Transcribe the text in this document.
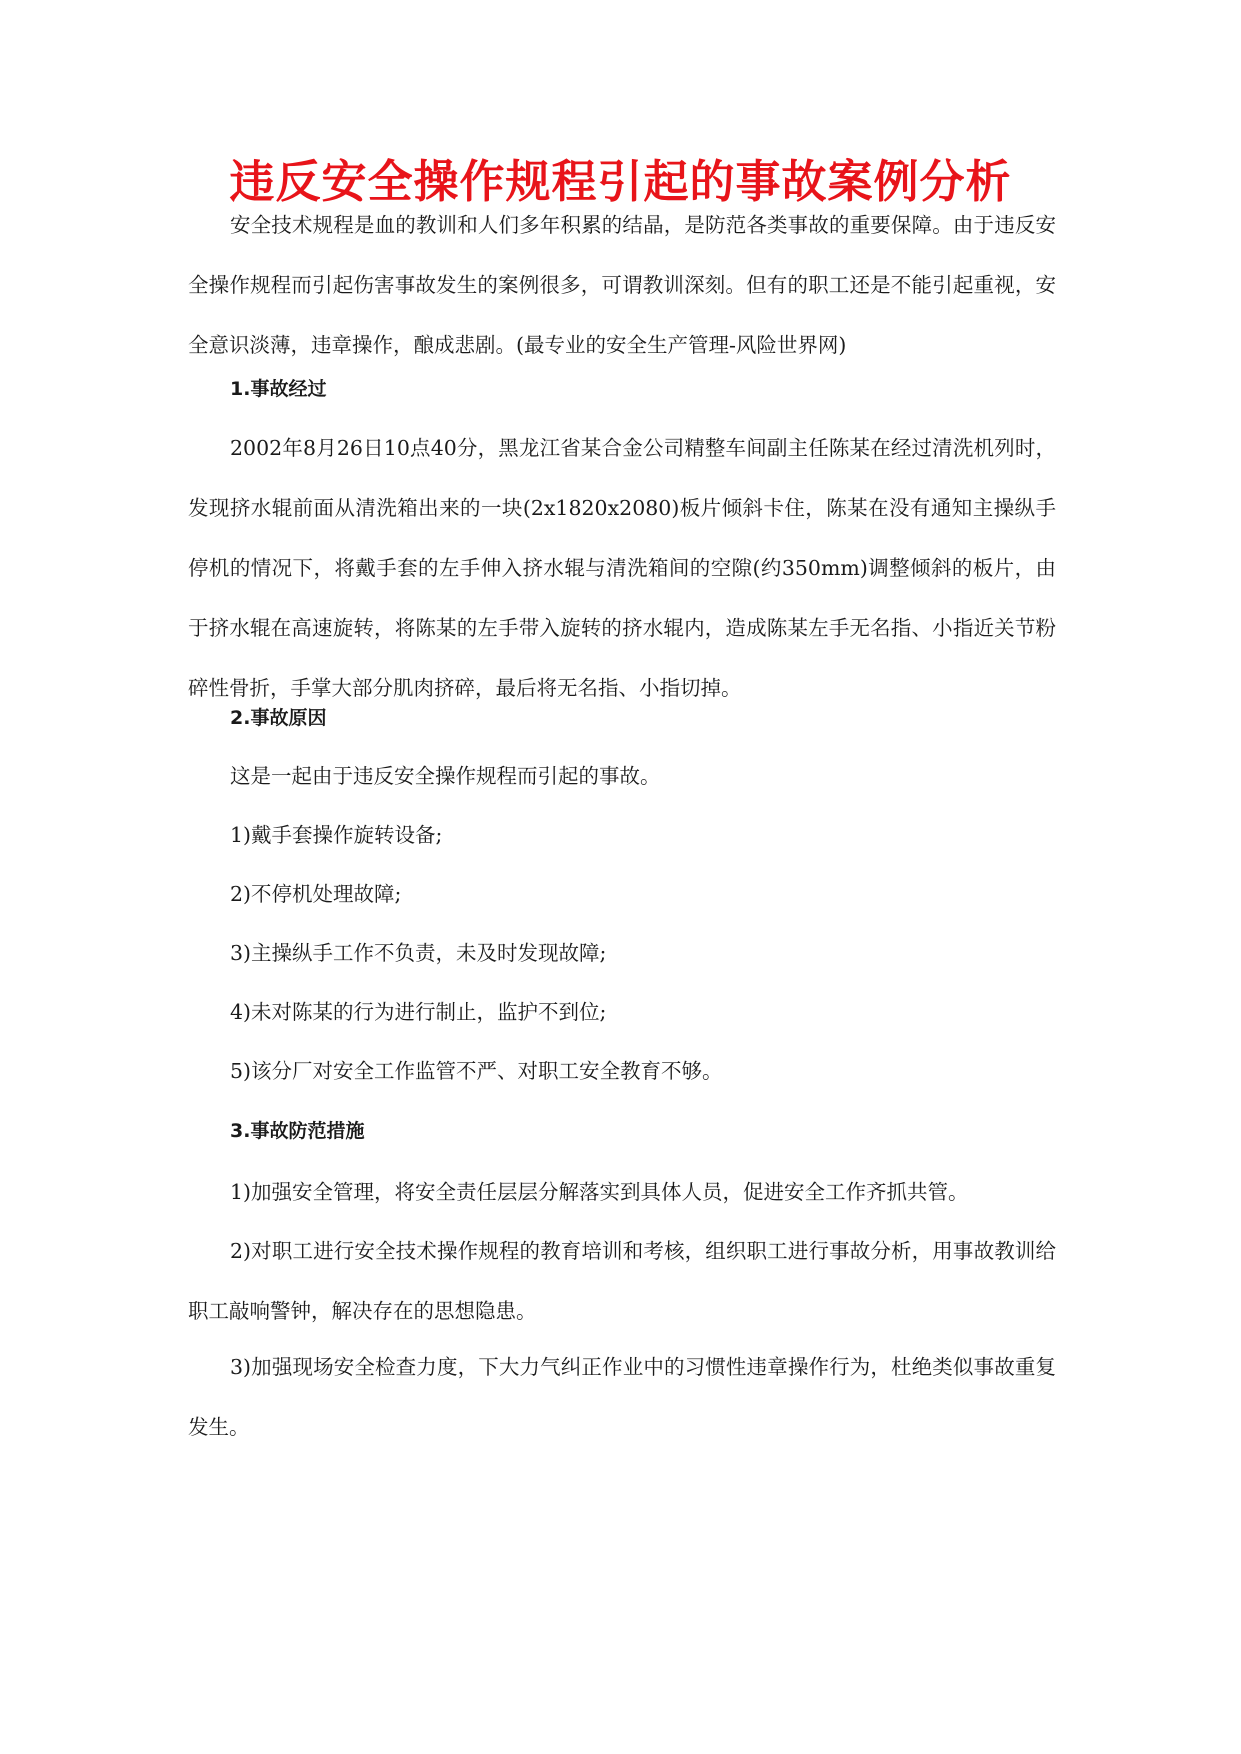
违反安全操作规程引起的事故案例分析

安全技术规程是血的教训和人们多年积累的结晶，是防范各类事故的重要保障。由于违反安全操作规程而引起伤害事故发生的案例很多，可谓教训深刻。但有的职工还是不能引起重视，安全意识淡薄，违章操作，酿成悲剧。(最专业的安全生产管理-风险世界网)

1.事故经过

2002年8月26日10点40分，黑龙江省某合金公司精整车间副主任陈某在经过清洗机列时，发现挤水辊前面从清洗箱出来的一块(2x1820x2080)板片倾斜卡住，陈某在没有通知主操纵手停机的情况下，将戴手套的左手伸入挤水辊与清洗箱间的空隙(约350mm)调整倾斜的板片，由于挤水辊在高速旋转，将陈某的左手带入旋转的挤水辊内，造成陈某左手无名指、小指近关节粉碎性骨折，手掌大部分肌肉挤碎，最后将无名指、小指切掉。

2.事故原因

这是一起由于违反安全操作规程而引起的事故。

1)戴手套操作旋转设备;

2)不停机处理故障;

3)主操纵手工作不负责，未及时发现故障;

4)未对陈某的行为进行制止，监护不到位;

5)该分厂对安全工作监管不严、对职工安全教育不够。

3.事故防范措施

1)加强安全管理，将安全责任层层分解落实到具体人员，促进安全工作齐抓共管。

2)对职工进行安全技术操作规程的教育培训和考核，组织职工进行事故分析，用事故教训给职工敲响警钟，解决存在的思想隐患。

3)加强现场安全检查力度，下大力气纠正作业中的习惯性违章操作行为，杜绝类似事故重复发生。
